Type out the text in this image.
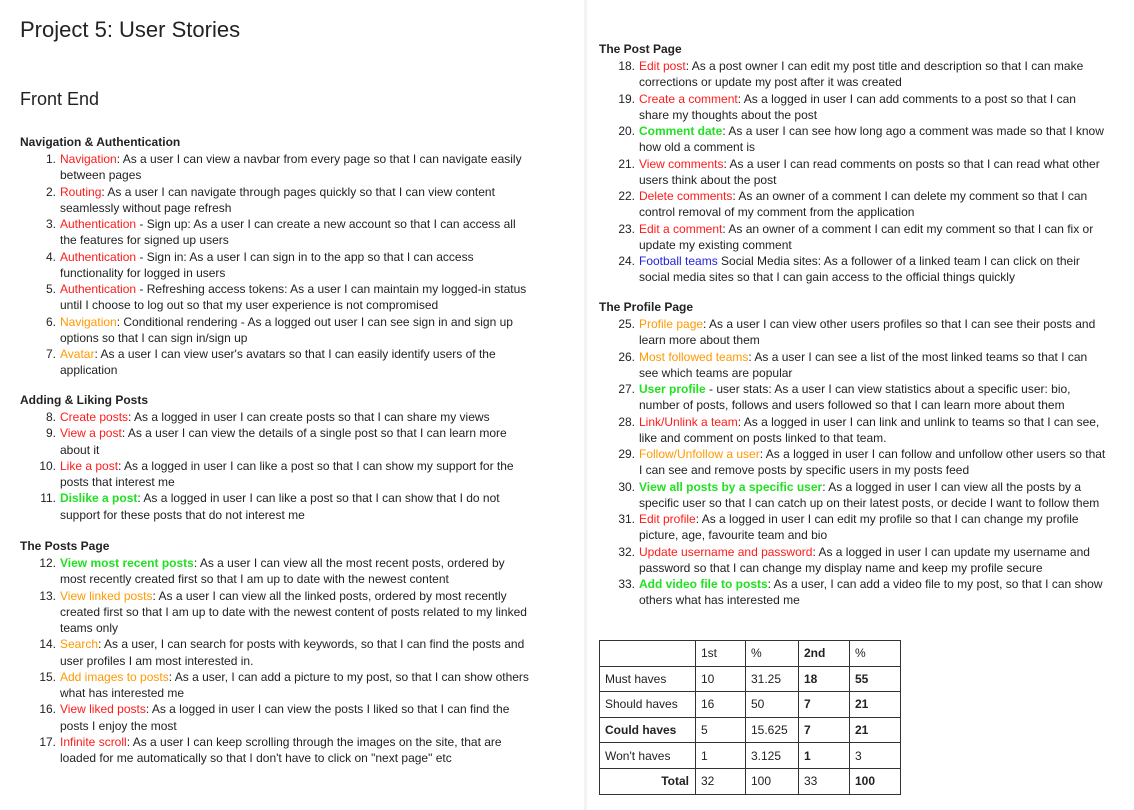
Project 5: User Stories
Front End
Navigation & Authentication
1. Navigation: As a user I can view a navbar from every page so that I can navigate easily between pages
2. Routing: As a user I can navigate through pages quickly so that I can view content seamlessly without page refresh
3. Authentication - Sign up: As a user I can create a new account so that I can access all the features for signed up users
4. Authentication - Sign in: As a user I can sign in to the app so that I can access functionality for logged in users
5. Authentication - Refreshing access tokens: As a user I can maintain my logged-in status until I choose to log out so that my user experience is not compromised
6. Navigation: Conditional rendering - As a logged out user I can see sign in and sign up options so that I can sign in/sign up
7. Avatar: As a user I can view user's avatars so that I can easily identify users of the application
Adding & Liking Posts
8. Create posts: As a logged in user I can create posts so that I can share my views
9. View a post: As a user I can view the details of a single post so that I can learn more about it
10. Like a post: As a logged in user I can like a post so that I can show my support for the posts that interest me
11. Dislike a post: As a logged in user I can like a post so that I can show that I do not support for these posts that do not interest me
The Posts Page
12. View most recent posts: As a user I can view all the most recent posts, ordered by most recently created first so that I am up to date with the newest content
13. View linked posts: As a user I can view all the linked posts, ordered by most recently created first so that I am up to date with the newest content of posts related to my linked teams only
14. Search: As a user, I can search for posts with keywords, so that I can find the posts and user profiles I am most interested in.
15. Add images to posts: As a user, I can add a picture to my post, so that I can show others what has interested me
16. View liked posts: As a logged in user I can view the posts I liked so that I can find the posts I enjoy the most
17. Infinite scroll: As a user I can keep scrolling through the images on the site, that are loaded for me automatically so that I don't have to click on "next page" etc
The Post Page
18. Edit post: As a post owner I can edit my post title and description so that I can make corrections or update my post after it was created
19. Create a comment: As a logged in user I can add comments to a post so that I can share my thoughts about the post
20. Comment date: As a user I can see how long ago a comment was made so that I know how old a comment is
21. View comments: As a user I can read comments on posts so that I can read what other users think about the post
22. Delete comments: As an owner of a comment I can delete my comment so that I can control removal of my comment from the application
23. Edit a comment: As an owner of a comment I can edit my comment so that I can fix or update my existing comment
24. Football teams Social Media sites: As a follower of a linked team I can click on their social media sites so that I can gain access to the official things quickly
The Profile Page
25. Profile page: As a user I can view other users profiles so that I can see their posts and learn more about them
26. Most followed teams: As a user I can see a list of the most linked teams so that I can see which teams are popular
27. User profile - user stats: As a user I can view statistics about a specific user: bio, number of posts, follows and users followed so that I can learn more about them
28. Link/Unlink a team: As a logged in user I can link and unlink to teams so that I can see, like and comment on posts linked to that team.
29. Follow/Unfollow a user: As a logged in user I can follow and unfollow other users so that I can see and remove posts by specific users in my posts feed
30. View all posts by a specific user: As a logged in user I can view all the posts by a specific user so that I can catch up on their latest posts, or decide I want to follow them
31. Edit profile: As a logged in user I can edit my profile so that I can change my profile picture, age, favourite team and bio
32. Update username and password: As a logged in user I can update my username and password so that I can change my display name and keep my profile secure
33. Add video file to posts: As a user, I can add a video file to my post, so that I can show others what has interested me
	1st	%	2nd	%
Must haves	10	31.25	18	55
Should haves	16	50	7	21
Could haves	5	15.625	7	21
Won't haves	1	3.125	1	3
Total	32	100	33	100
